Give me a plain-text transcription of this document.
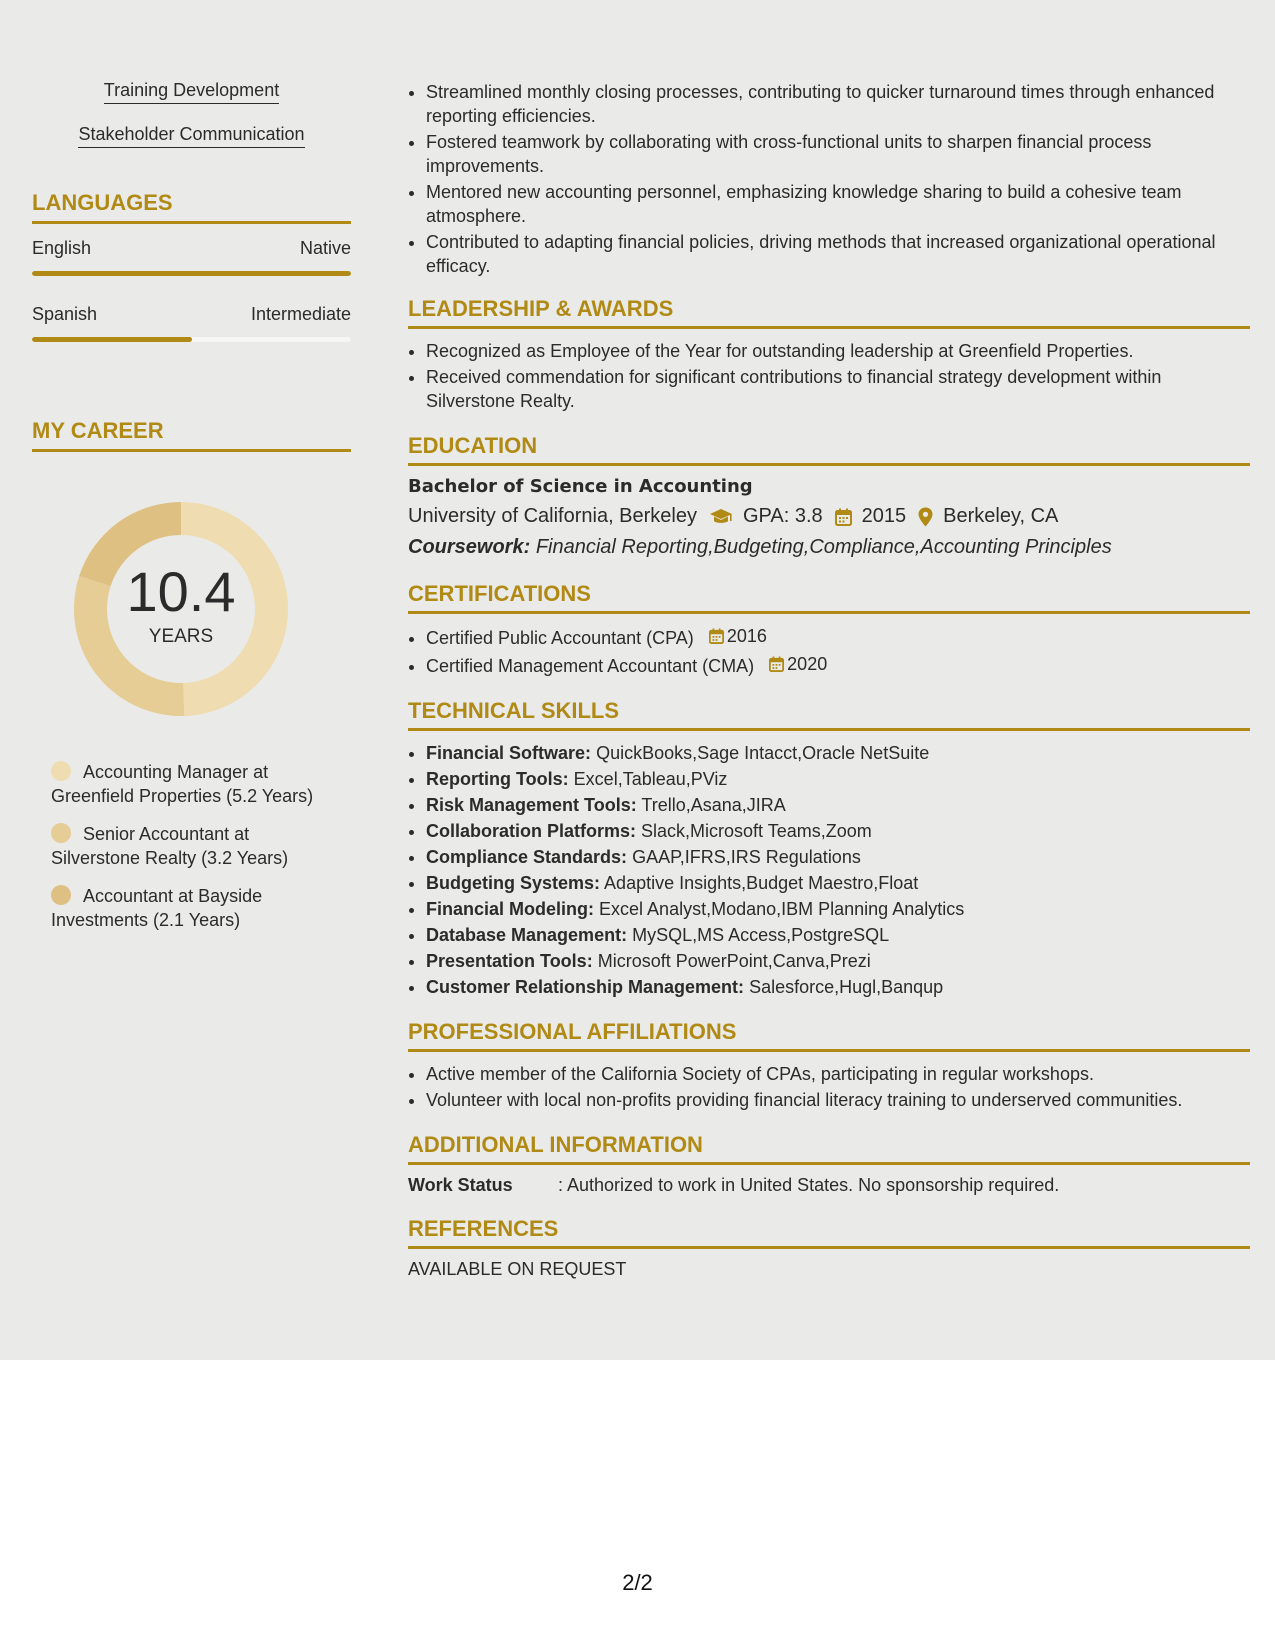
Training Development
Stakeholder Communication
LANGUAGES
English	Native
Spanish	Intermediate
MY CAREER
10.4
YEARS
Accounting Manager at Greenfield Properties (5.2 Years)
Senior Accountant at Silverstone Realty (3.2 Years)
Accountant at Bayside Investments (2.1 Years)
• Streamlined monthly closing processes, contributing to quicker turnaround times through enhanced reporting efficiencies.
• Fostered teamwork by collaborating with cross-functional units to sharpen financial process improvements.
• Mentored new accounting personnel, emphasizing knowledge sharing to build a cohesive team atmosphere.
• Contributed to adapting financial policies, driving methods that increased organizational operational efficacy.
LEADERSHIP & AWARDS
• Recognized as Employee of the Year for outstanding leadership at Greenfield Properties.
• Received commendation for significant contributions to financial strategy development within Silverstone Realty.
EDUCATION
Bachelor of Science in Accounting
University of California, Berkeley GPA: 3.8 2015 Berkeley, CA
Coursework: Financial Reporting,Budgeting,Compliance,Accounting Principles
CERTIFICATIONS
• Certified Public Accountant (CPA) 2016
• Certified Management Accountant (CMA) 2020
TECHNICAL SKILLS
• Financial Software: QuickBooks,Sage Intacct,Oracle NetSuite
• Reporting Tools: Excel,Tableau,PViz
• Risk Management Tools: Trello,Asana,JIRA
• Collaboration Platforms: Slack,Microsoft Teams,Zoom
• Compliance Standards: GAAP,IFRS,IRS Regulations
• Budgeting Systems: Adaptive Insights,Budget Maestro,Float
• Financial Modeling: Excel Analyst,Modano,IBM Planning Analytics
• Database Management: MySQL,MS Access,PostgreSQL
• Presentation Tools: Microsoft PowerPoint,Canva,Prezi
• Customer Relationship Management: Salesforce,Hugl,Banqup
PROFESSIONAL AFFILIATIONS
• Active member of the California Society of CPAs, participating in regular workshops.
• Volunteer with local non-profits providing financial literacy training to underserved communities.
ADDITIONAL INFORMATION
Work Status	: Authorized to work in United States. No sponsorship required.
REFERENCES
AVAILABLE ON REQUEST
2/2
